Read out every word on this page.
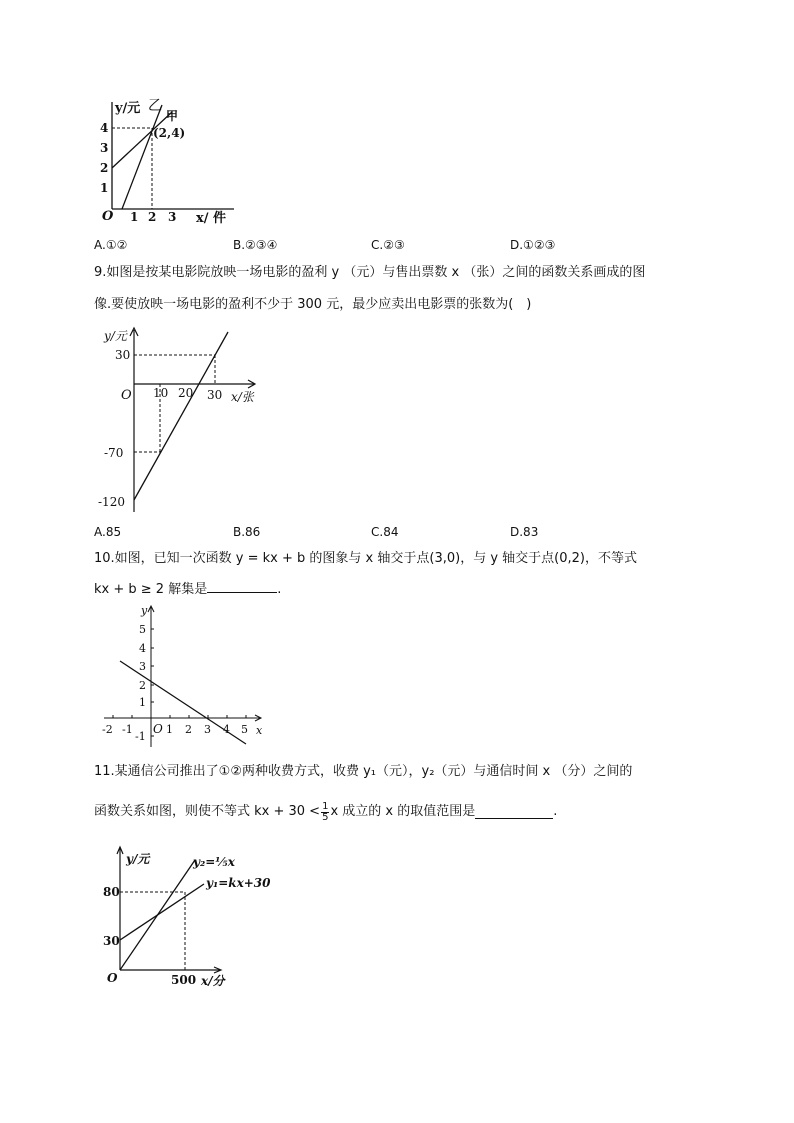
O 1 2 3
1
2
3
4
y/元
x/ 件
乙
甲
(2,4)
A.①②	B.②③④	C.②③	D.①②③
9.如图是按某电影院放映一场电影的盈利 y （元）与售出票数 x （张）之间的函数关系画成的图
像.要使放映一场电影的盈利不少于 300 元，最少应卖出电影票的张数为(　)
y/元
x/张
O 10 20 30
30
-70
-120
A.85	B.86	C.84	D.83
10.如图，已知一次函数 y = kx + b 的图象与 x 轴交于点(3,0)，与 y 轴交于点(0,2)，不等式
kx + b ≥ 2 解集是	.
y
x
O
-2 -1	1 2 3 4 5
5
4
3
2
1
-1
11.某通信公司推出了①②两种收费方式，收费 y₁（元），y₂（元）与通信时间 x （分）之间的
函数关系如图，则使不等式 kx + $30 < \frac{1}{5}$ x 成立的 x 的取值范围是	.
y/元
x/分
O	500
80
30
y₂=⅕x
y₁=kx+30
